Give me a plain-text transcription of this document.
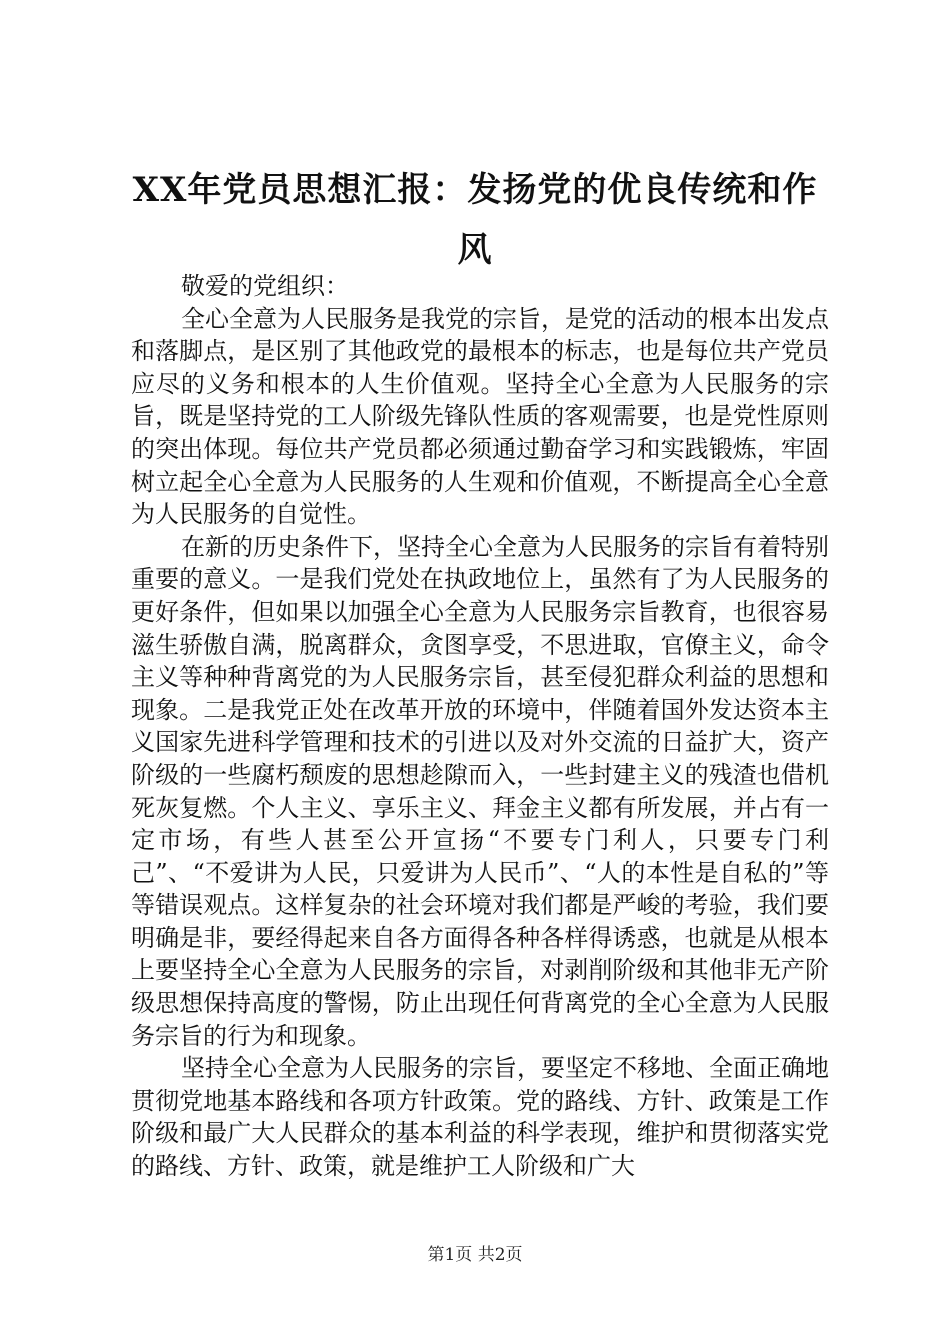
XX年党员思想汇报：发扬党的优良传统和作风

敬爱的党组织：

全心全意为人民服务是我党的宗旨，是党的活动的根本出发点和落脚点，是区别了其他政党的最根本的标志，也是每位共产党员应尽的义务和根本的人生价值观。坚持全心全意为人民服务的宗旨，既是坚持党的工人阶级先锋队性质的客观需要，也是党性原则的突出体现。每位共产党员都必须通过勤奋学习和实践锻炼，牢固树立起全心全意为人民服务的人生观和价值观，不断提高全心全意为人民服务的自觉性。

在新的历史条件下，坚持全心全意为人民服务的宗旨有着特别重要的意义。一是我们党处在执政地位上，虽然有了为人民服务的更好条件，但如果以加强全心全意为人民服务宗旨教育，也很容易滋生骄傲自满，脱离群众，贪图享受，不思进取，官僚主义，命令主义等种种背离党的为人民服务宗旨，甚至侵犯群众利益的思想和现象。二是我党正处在改革开放的环境中，伴随着国外发达资本主义国家先进科学管理和技术的引进以及对外交流的日益扩大，资产阶级的一些腐朽颓废的思想趁隙而入，一些封建主义的残渣也借机死灰复燃。个人主义、享乐主义、拜金主义都有所发展，并占有一定市场，有些人甚至公开宣扬“不要专门利人，只要专门利己”、“不爱讲为人民，只爱讲为人民币”、“人的本性是自私的”等等错误观点。这样复杂的社会环境对我们都是严峻的考验，我们要明确是非，要经得起来自各方面得各种各样得诱惑，也就是从根本上要坚持全心全意为人民服务的宗旨，对剥削阶级和其他非无产阶级思想保持高度的警惕，防止出现任何背离党的全心全意为人民服务宗旨的行为和现象。

坚持全心全意为人民服务的宗旨，要坚定不移地、全面正确地贯彻党地基本路线和各项方针政策。党的路线、方针、政策是工作阶级和最广大人民群众的基本利益的科学表现，维护和贯彻落实党的路线、方针、政策，就是维护工人阶级和广大

第1页 共2页
